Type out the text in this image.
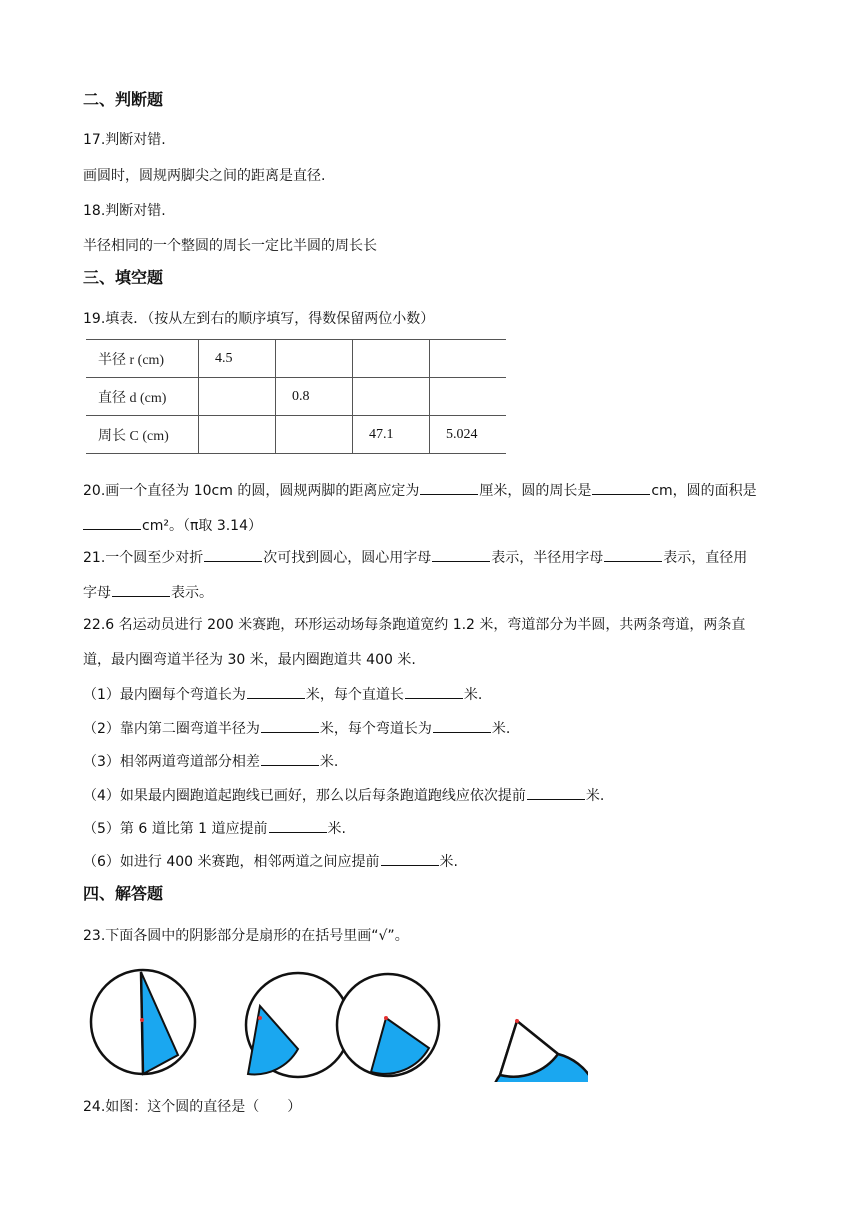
二、判断题
17.判断对错.
画圆时，圆规两脚尖之间的距离是直径.
18.判断对错.
半径相同的一个整圆的周长一定比半圆的周长长
三、填空题
19.填表．（按从左到右的顺序填写，得数保留两位小数）
半径 r (cm)	4.5			
直径 d (cm)		0.8		
周长 C (cm)			47.1	5.024
20.画一个直径为 10cm 的圆，圆规两脚的距离应定为	厘米，圆的周长是	cm，圆的面积是
cm²。（π取 3.14）
21.一个圆至少对折	次可找到圆心，圆心用字母	表示，半径用字母	表示，直径用
字母	表示。
22.6 名运动员进行 200 米赛跑，环形运动场每条跑道宽约 1.2 米，弯道部分为半圆，共两条弯道，两条直
道，最内圈弯道半径为 30 米，最内圈跑道共 400 米.
（1）最内圈每个弯道长为	米，每个直道长	米.
（2）靠内第二圈弯道半径为	米，每个弯道长为	米.
（3）相邻两道弯道部分相差	米.
（4）如果最内圈跑道起跑线已画好，那么以后每条跑道跑线应依次提前	米.
（5）第 6 道比第 1 道应提前	米.
（6）如进行 400 米赛跑，相邻两道之间应提前	米.
四、解答题
23.下面各圆中的阴影部分是扇形的在括号里画“√”。
24.如图：这个圆的直径是（　　）
